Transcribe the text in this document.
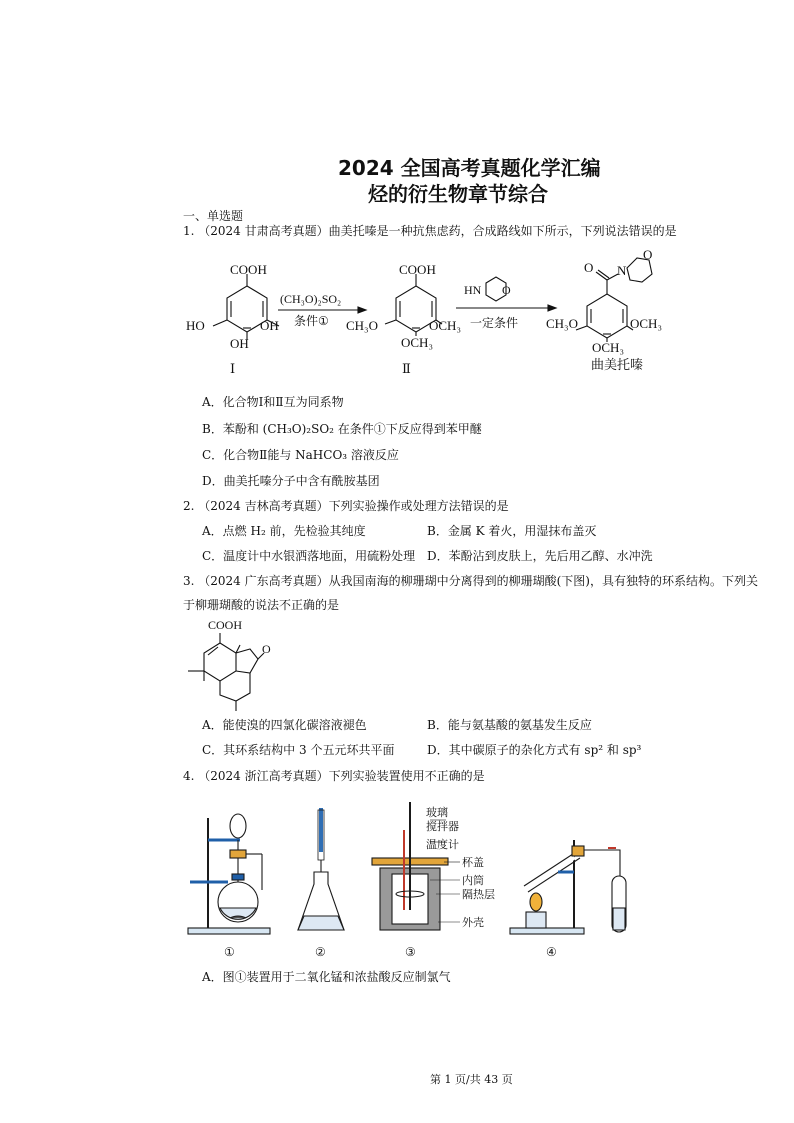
2024 全国高考真题化学汇编
烃的衍生物章节综合
一、单选题
1. （2024 甘肃高考真题）曲美托嗪是一种抗焦虑药，合成路线如下所示，下列说法错误的是
COOH
HO	OH
OH
Ⅰ
(CH₃O)₂SO₂
条件①
COOH
CH₃O	OCH₃
OCH₃
Ⅱ
HN O
一定条件
O N
O
CH₃O	OCH₃
OCH₃
曲美托嗪
A．化合物Ⅰ和Ⅱ互为同系物
B．苯酚和 (CH₃O)₂SO₂ 在条件①下反应得到苯甲醚
C．化合物Ⅱ能与 NaHCO₃ 溶液反应
D．曲美托嗪分子中含有酰胺基团
2. （2024 吉林高考真题）下列实验操作或处理方法错误的是
A．点燃 H₂ 前，先检验其纯度	B．金属 K 着火，用湿抹布盖灭
C．温度计中水银洒落地面，用硫粉处理 D．苯酚沾到皮肤上，先后用乙醇、水冲洗
3. （2024 广东高考真题）从我国南海的柳珊瑚中分离得到的柳珊瑚酸(下图)，具有独特的环系结构。下列关
于柳珊瑚酸的说法不正确的是
COOH
O
A．能使溴的四氯化碳溶液褪色	B．能与氨基酸的氨基发生反应
C．其环系结构中 3 个五元环共平面	D．其中碳原子的杂化方式有 sp² 和 sp³
4. （2024 浙江高考真题）下列实验装置使用不正确的是
玻璃
搅拌器
温度计
杯盖
内筒
隔热层
外壳
①	②	③	④
A．图①装置用于二氧化锰和浓盐酸反应制氯气
第 1 页/共 43 页
